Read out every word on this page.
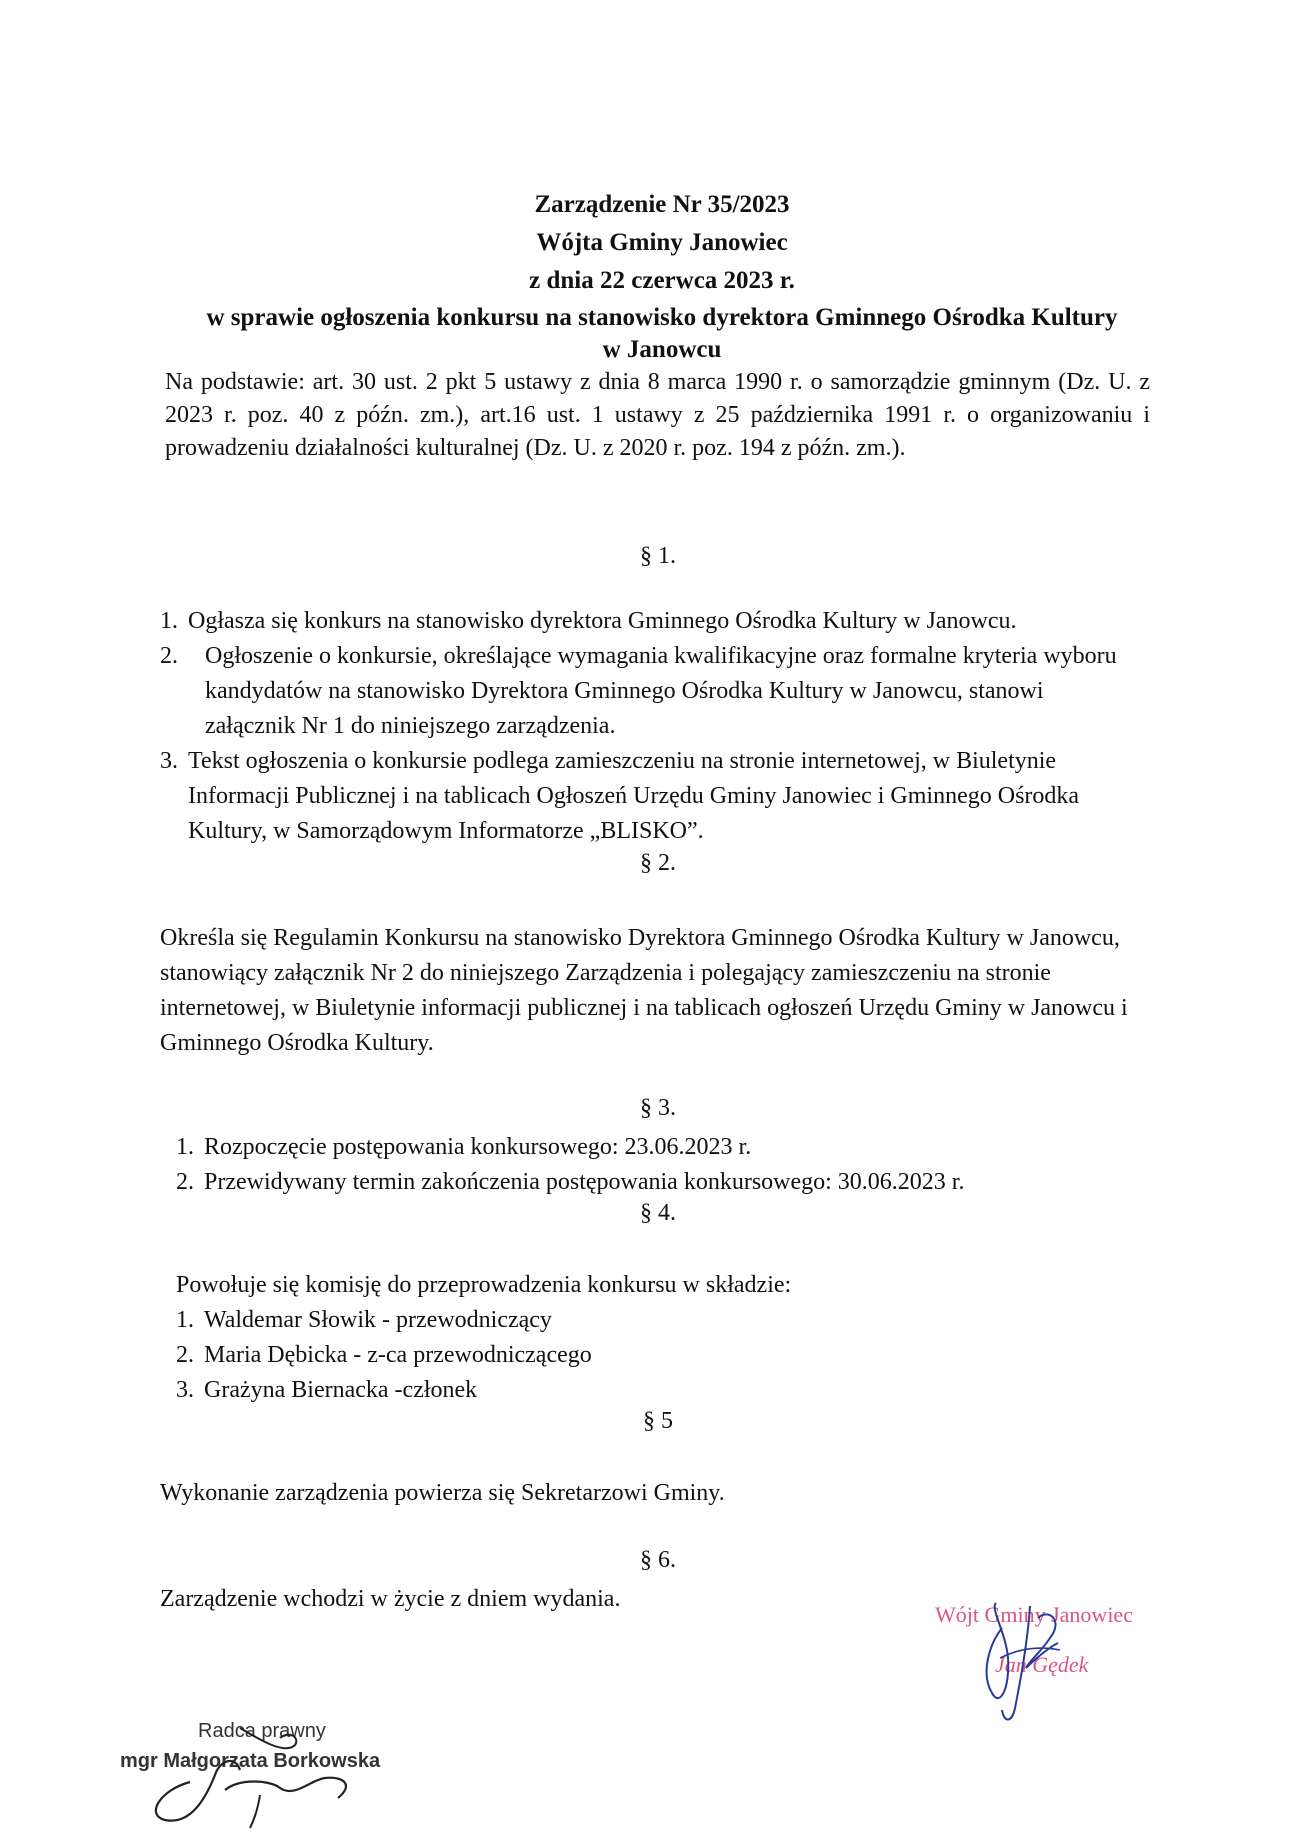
Zarządzenie Nr 35/2023
Wójta Gminy Janowiec
z dnia 22 czerwca 2023 r.
w sprawie ogłoszenia konkursu na stanowisko dyrektora Gminnego Ośrodka Kultury
w Janowcu
Na podstawie: art. 30 ust. 2 pkt 5 ustawy z dnia 8 marca 1990 r. o samorządzie gminnym (Dz. U. z 2023 r. poz. 40 z późn. zm.), art.16 ust. 1 ustawy z 25 października 1991 r. o organizowaniu i prowadzeniu działalności kulturalnej (Dz. U. z 2020 r. poz. 194 z późn. zm.).
§ 1.
1. Ogłasza się konkurs na stanowisko dyrektora Gminnego Ośrodka Kultury w Janowcu.
2. Ogłoszenie o konkursie, określające wymagania kwalifikacyjne oraz formalne kryteria wyboru kandydatów na stanowisko Dyrektora Gminnego Ośrodka Kultury w Janowcu, stanowi załącznik Nr 1 do niniejszego zarządzenia.
3. Tekst ogłoszenia o konkursie podlega zamieszczeniu na stronie internetowej, w Biuletynie Informacji Publicznej i na tablicach Ogłoszeń Urzędu Gminy Janowiec i Gminnego Ośrodka Kultury, w Samorządowym Informatorze „BLISKO”.
§ 2.
Określa się Regulamin Konkursu na stanowisko Dyrektora Gminnego Ośrodka Kultury w Janowcu, stanowiący załącznik Nr 2 do niniejszego Zarządzenia i polegający zamieszczeniu na stronie internetowej, w Biuletynie informacji publicznej i na tablicach ogłoszeń Urzędu Gminy w Janowcu i Gminnego Ośrodka Kultury.
§ 3.
1. Rozpoczęcie postępowania konkursowego: 23.06.2023 r.
2. Przewidywany termin zakończenia postępowania konkursowego: 30.06.2023 r.
§ 4.
Powołuje się komisję do przeprowadzenia konkursu w składzie:
1. Waldemar Słowik - przewodniczący
2. Maria Dębicka - z-ca przewodniczącego
3. Grażyna Biernacka -członek
§ 5
Wykonanie zarządzenia powierza się Sekretarzowi Gminy.
§ 6.
Zarządzenie wchodzi w życie z dniem wydania.
Wójt Gminy Janowiec
Jan Gędek
Radca prawny
mgr Małgorzata Borkowska
